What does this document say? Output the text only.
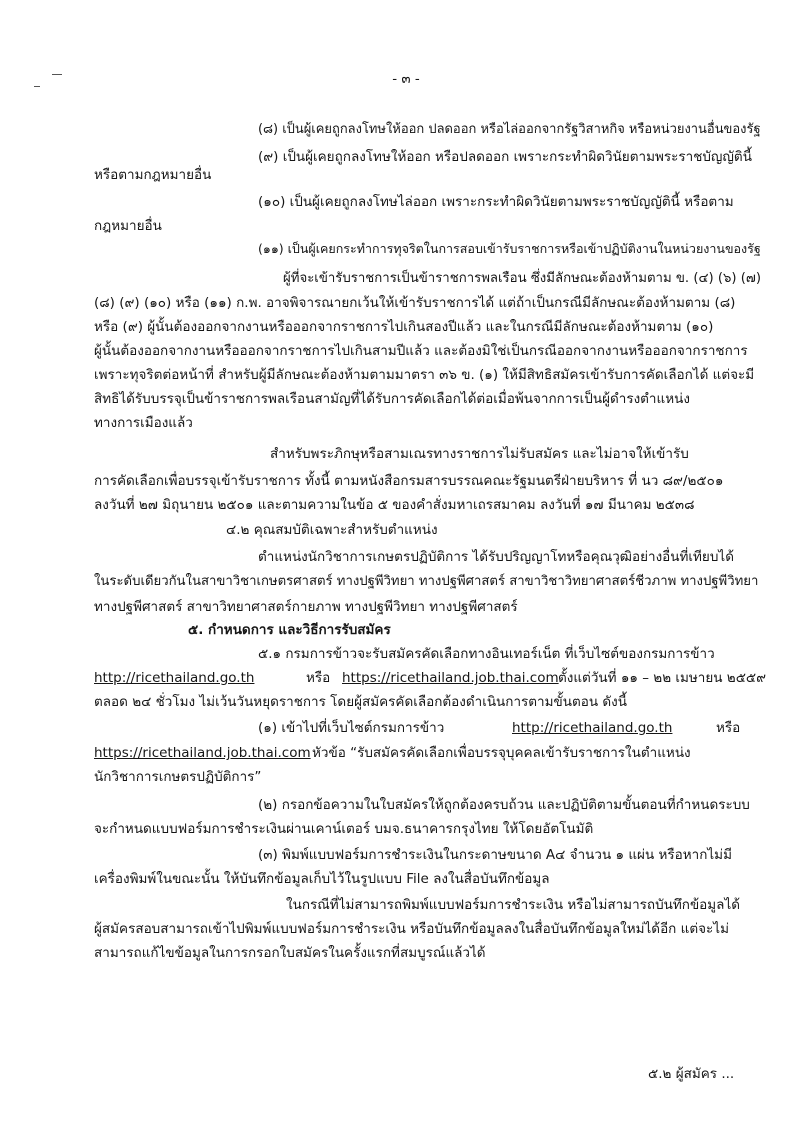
- ๓ -
(๘) เป็นผู้เคยถูกลงโทษให้ออก ปลดออก หรือไล่ออกจากรัฐวิสาหกิจ หรือหน่วยงานอื่นของรัฐ
(๙) เป็นผู้เคยถูกลงโทษให้ออก หรือปลดออก เพราะกระทำผิดวินัยตามพระราชบัญญัตินี้
หรือตามกฎหมายอื่น
(๑๐) เป็นผู้เคยถูกลงโทษไล่ออก เพราะกระทำผิดวินัยตามพระราชบัญญัตินี้ หรือตาม
กฎหมายอื่น
(๑๑) เป็นผู้เคยกระทำการทุจริตในการสอบเข้ารับราชการหรือเข้าปฏิบัติงานในหน่วยงานของรัฐ
ผู้ที่จะเข้ารับราชการเป็นข้าราชการพลเรือน ซึ่งมีลักษณะต้องห้ามตาม ข. (๔) (๖) (๗)
(๘) (๙) (๑๐) หรือ (๑๑) ก.พ. อาจพิจารณายกเว้นให้เข้ารับราชการได้ แต่ถ้าเป็นกรณีมีลักษณะต้องห้ามตาม (๘)
หรือ (๙) ผู้นั้นต้องออกจากงานหรือออกจากราชการไปเกินสองปีแล้ว และในกรณีมีลักษณะต้องห้ามตาม (๑๐)
ผู้นั้นต้องออกจากงานหรือออกจากราชการไปเกินสามปีแล้ว และต้องมิใช่เป็นกรณีออกจากงานหรือออกจากราชการ
เพราะทุจริตต่อหน้าที่ สำหรับผู้มีลักษณะต้องห้ามตามมาตรา ๓๖ ข. (๑) ให้มีสิทธิสมัครเข้ารับการคัดเลือกได้ แต่จะมี
สิทธิได้รับบรรจุเป็นข้าราชการพลเรือนสามัญที่ได้รับการคัดเลือกได้ต่อเมื่อพ้นจากการเป็นผู้ดำรงตำแหน่ง
ทางการเมืองแล้ว
สำหรับพระภิกษุหรือสามเณรทางราชการไม่รับสมัคร และไม่อาจให้เข้ารับ
การคัดเลือกเพื่อบรรจุเข้ารับราชการ ทั้งนี้ ตามหนังสือกรมสารบรรณคณะรัฐมนตรีฝ่ายบริหาร ที่ นว ๘๙/๒๕๐๑
ลงวันที่ ๒๗ มิถุนายน ๒๕๐๑ และตามความในข้อ ๕ ของคำสั่งมหาเถรสมาคม ลงวันที่ ๑๗ มีนาคม ๒๕๓๘
๔.๒ คุณสมบัติเฉพาะสำหรับตำแหน่ง
ตำแหน่งนักวิชาการเกษตรปฏิบัติการ ได้รับปริญญาโทหรือคุณวุฒิอย่างอื่นที่เทียบได้
ในระดับเดียวกันในสาขาวิชาเกษตรศาสตร์ ทางปฐพีวิทยา ทางปฐพีศาสตร์ สาขาวิชาวิทยาศาสตร์ชีวภาพ ทางปฐพีวิทยา
ทางปฐพีศาสตร์ สาขาวิทยาศาสตร์กายภาพ ทางปฐพีวิทยา ทางปฐพีศาสตร์
๕. กำหนดการ และวิธีการรับสมัคร
๕.๑ กรมการข้าวจะรับสมัครคัดเลือกทางอินเทอร์เน็ต ที่เว็บไซต์ของกรมการข้าว
http://ricethailand.go.th	หรือ https://ricethailand.job.thai.com ตั้งแต่วันที่ ๑๑ – ๒๒ เมษายน ๒๕๕๙
ตลอด ๒๔ ชั่วโมง ไม่เว้นวันหยุดราชการ โดยผู้สมัครคัดเลือกต้องดำเนินการตามขั้นตอน ดังนี้
(๑) เข้าไปที่เว็บไซต์กรมการข้าว	http://ricethailand.go.th	หรือ
https://ricethailand.job.thai.com หัวข้อ “รับสมัครคัดเลือกเพื่อบรรจุบุคคลเข้ารับราชการในตำแหน่ง
นักวิชาการเกษตรปฏิบัติการ”
(๒) กรอกข้อความในใบสมัครให้ถูกต้องครบถ้วน และปฏิบัติตามขั้นตอนที่กำหนดระบบ
จะกำหนดแบบฟอร์มการชำระเงินผ่านเคาน์เตอร์ บมจ.ธนาคารกรุงไทย ให้โดยอัตโนมัติ
(๓) พิมพ์แบบฟอร์มการชำระเงินในกระดาษขนาด A๔ จำนวน ๑ แผ่น หรือหากไม่มี
เครื่องพิมพ์ในขณะนั้น ให้บันทึกข้อมูลเก็บไว้ในรูปแบบ File ลงในสื่อบันทึกข้อมูล
ในกรณีที่ไม่สามารถพิมพ์แบบฟอร์มการชำระเงิน หรือไม่สามารถบันทึกข้อมูลได้
ผู้สมัครสอบสามารถเข้าไปพิมพ์แบบฟอร์มการชำระเงิน หรือบันทึกข้อมูลลงในสื่อบันทึกข้อมูลใหม่ได้อีก แต่จะไม่
สามารถแก้ไขข้อมูลในการกรอกใบสมัครในครั้งแรกที่สมบูรณ์แล้วได้
๕.๒ ผู้สมัคร ...
